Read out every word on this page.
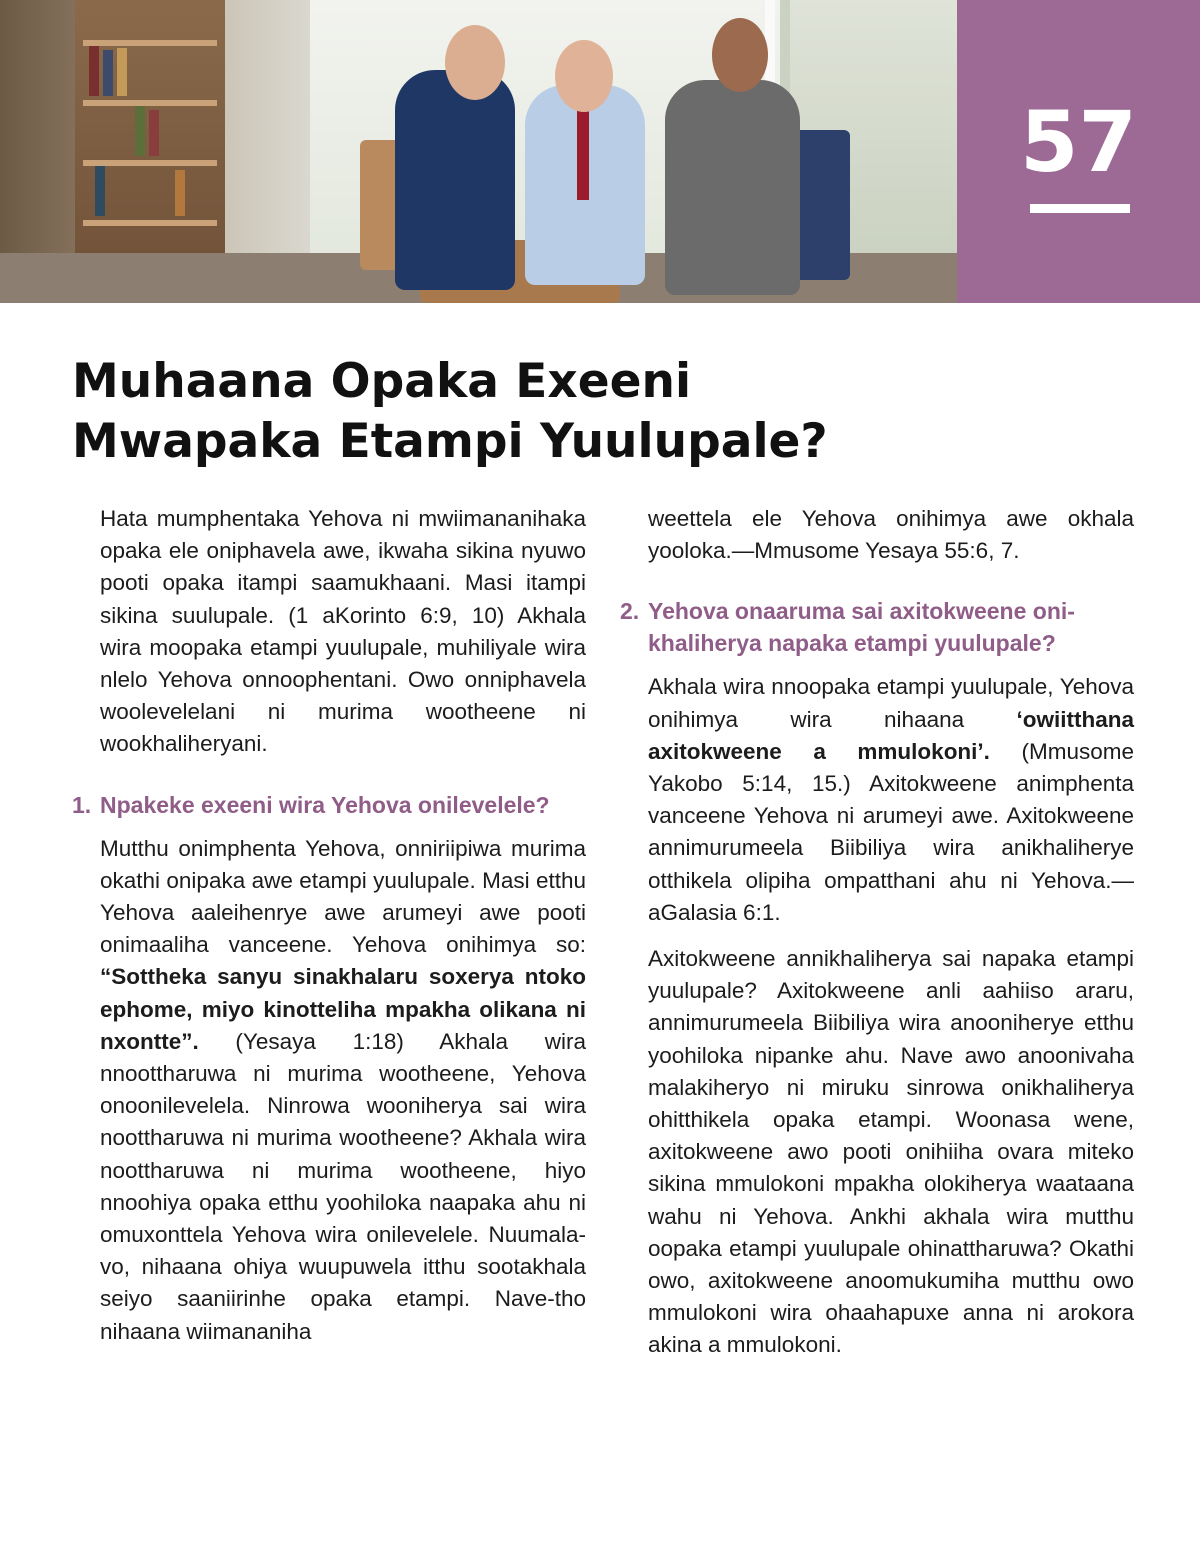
57
Muhaana Opaka Exeeni
Mwapaka Etampi Yuulupale?

Hata mumphentaka Yehova ni mwiimananihaka opaka ele oniphavela awe, ikwaha sikina nyuwo pooti opaka itampi saamukhaani. Masi itampi sikina suulupale. (1 aKorinto 6:9, 10) Akhala wira moopaka etampi yuulupale, muhiliyale wira nlelo Yehova onnoophentani. Owo onniphavela woolevelelani ni murima wootheene ni wookhaliheryani.

1. Npakeke exeeni wira Yehova onilevelele?

Mutthu onimphenta Yehova, onniriipiwa murima okathi onipaka awe etampi yuulupale. Masi etthu Yehova aaleihenrye awe arumeyi awe pooti onimaaliha vanceene. Yehova onihimya so: “Sottheka sanyu sinakhalaru soxerya ntoko ephome, miyo kinotteliha mpakha olikana ni nxontte”. (Yesaya 1:18) Akhala wira nnoottharuwa ni murima wootheene, Yehova onoonilevelela. Ninrowa wooniherya sai wira noottharuwa ni murima wootheene? Akhala wira noottharuwa ni murima wootheene, hiyo nnoohiya opaka etthu yoohiloka naapaka ahu ni omuxonttela Yehova wira onilevelele. Nuumala-vo, nihaana ohiya wuupuwela itthu sootakhala seiyo saaniirinhe opaka etampi. Nave-tho nihaana wiimananiha

weettela ele Yehova onihimya awe okhala yooloka.—Mmusome Yesaya 55:6, 7.

2. Yehova onaaruma sai axitokweene onikhaliherya napaka etampi yuulupale?

Akhala wira nnoopaka etampi yuulupale, Yehova onihimya wira nihaana ‘owiitthana axitokweene a mmulokoni’. (Mmusome Yakobo 5:14, 15.) Axitokweene animphenta vanceene Yehova ni arumeyi awe. Axitokweene annimurumeela Biibiliya wira anikhaliherye otthikela olipiha ompatthani ahu ni Yehova.—aGalasia 6:1.

Axitokweene annikhaliherya sai napaka etampi yuulupale? Axitokweene anli aahiiso araru, annimurumeela Biibiliya wira anooniherye etthu yoohiloka nipanke ahu. Nave awo anoonivaha malakiheryo ni miruku sinrowa onikhaliherya ohitthikela opaka etampi. Woonasa wene, axitokweene awo pooti onihiiha ovara miteko sikina mmulokoni mpakha olokiherya waataana wahu ni Yehova. Ankhi akhala wira mutthu oopaka etampi yuulupale ohinattharuwa? Okathi owo, axitokweene anoomukumiha mutthu owo mmulokoni wira ohaahapuxe anna ni arokora akina a mmulokoni.
